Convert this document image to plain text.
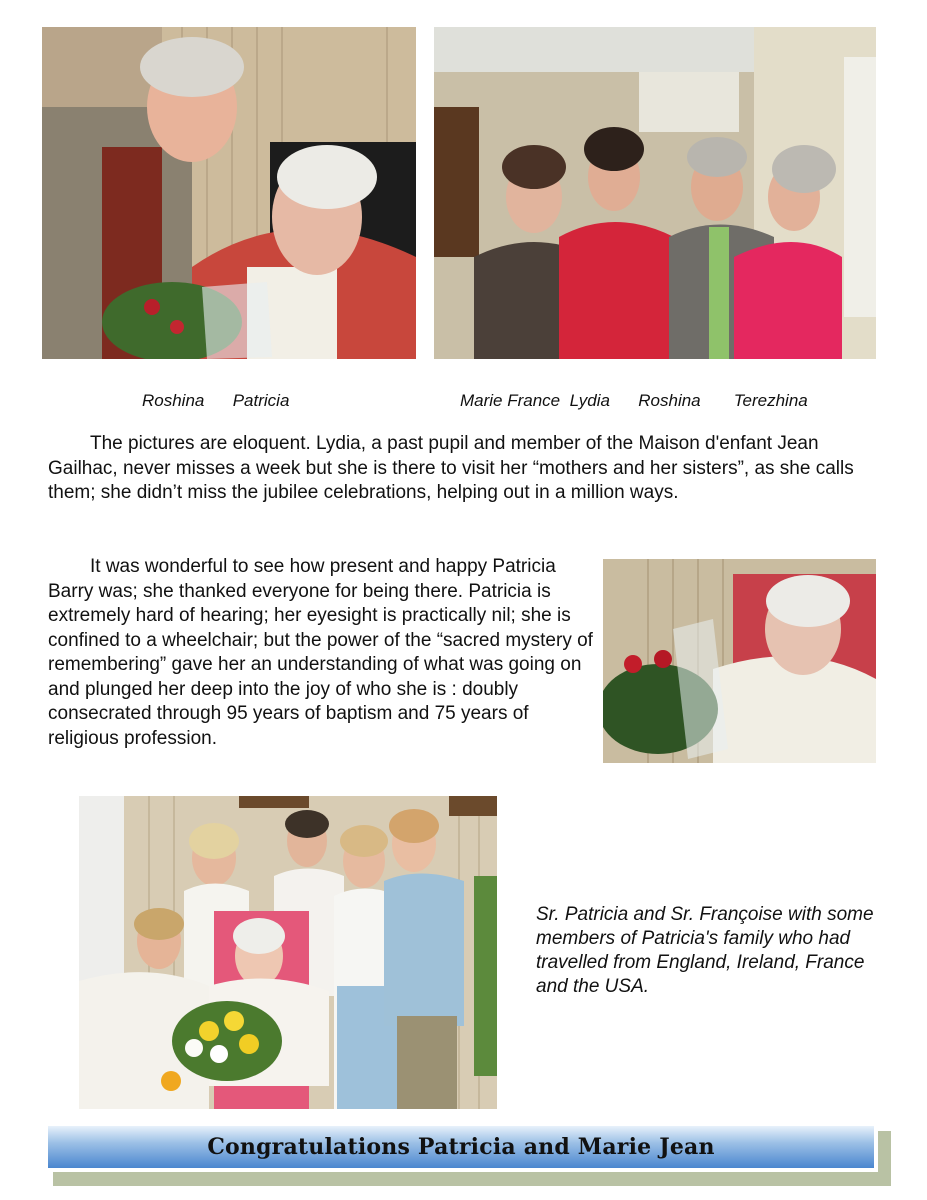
Roshina      Patricia	Marie France  Lydia      Roshina       Terezhina

The pictures are eloquent. Lydia, a past pupil and member of the Maison d'enfant Jean Gailhac, never misses a week but she is there to visit her “mothers and her sisters”, as she calls them; she didn’t miss the jubilee celebrations, helping out in a million ways.

It was wonderful to see how present and happy Patricia Barry was; she thanked everyone for being there. Patricia is extremely hard of hearing; her eyesight is practically nil; she is confined to a wheelchair; but the power of the “sacred mystery of remembering” gave her an understanding of what was going on and plunged her deep into the joy of who she is : doubly consecrated through 95 years of baptism and 75 years of religious profession.

Sr. Patricia and Sr. Françoise with some members of Patricia's family who had travelled from England, Ireland, France and the USA.
Congratulations Patricia and Marie Jean
